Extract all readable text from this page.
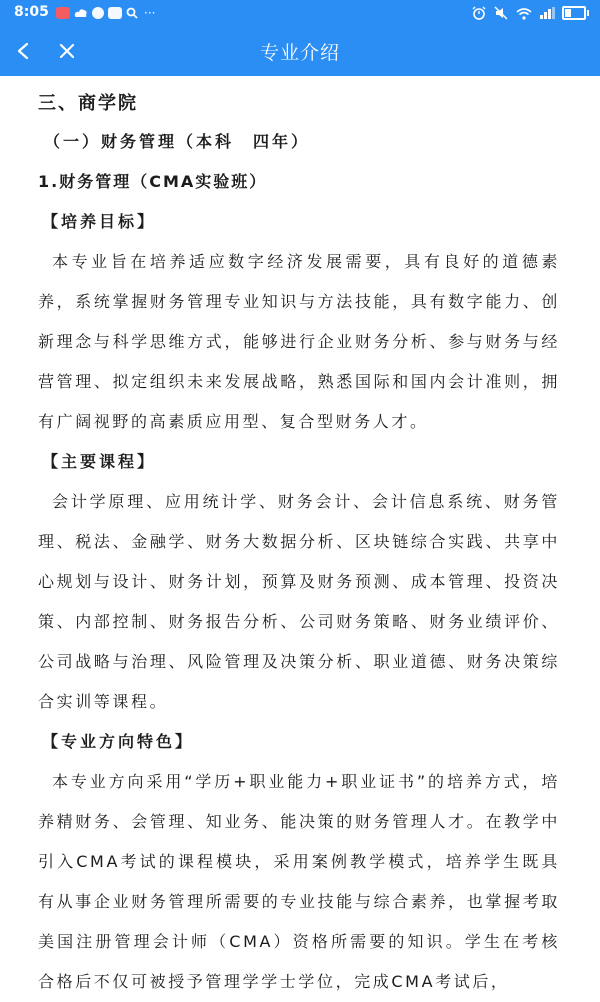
8:05	···
专业介绍
三、商学院
（一）财务管理（本科　四年）
1.财务管理（CMA实验班）
【培养目标】

本专业旨在培养适应数字经济发展需要，具有良好的道德素养，系统掌握财务管理专业知识与方法技能，具有数字能力、创新理念与科学思维方式，能够进行企业财务分析、参与财务与经营管理、拟定组织未来发展战略，熟悉国际和国内会计准则，拥有广阔视野的高素质应用型、复合型财务人才。

【主要课程】

会计学原理、应用统计学、财务会计、会计信息系统、财务管理、税法、金融学、财务大数据分析、区块链综合实践、共享中心规划与设计、财务计划，预算及财务预测、成本管理、投资决策、内部控制、财务报告分析、公司财务策略、财务业绩评价、公司战略与治理、风险管理及决策分析、职业道德、财务决策综合实训等课程。

【专业方向特色】

本专业方向采用“学历+职业能力+职业证书”的培养方式，培养精财务、会管理、知业务、能决策的财务管理人才。在教学中引入CMA考试的课程模块，采用案例教学模式，培养学生既具有从事企业财务管理所需要的专业技能与综合素养，也掌握考取美国注册管理会计师（CMA）资格所需要的知识。学生在考核合格后不仅可被授予管理学学士学位，完成CMA考试后，
